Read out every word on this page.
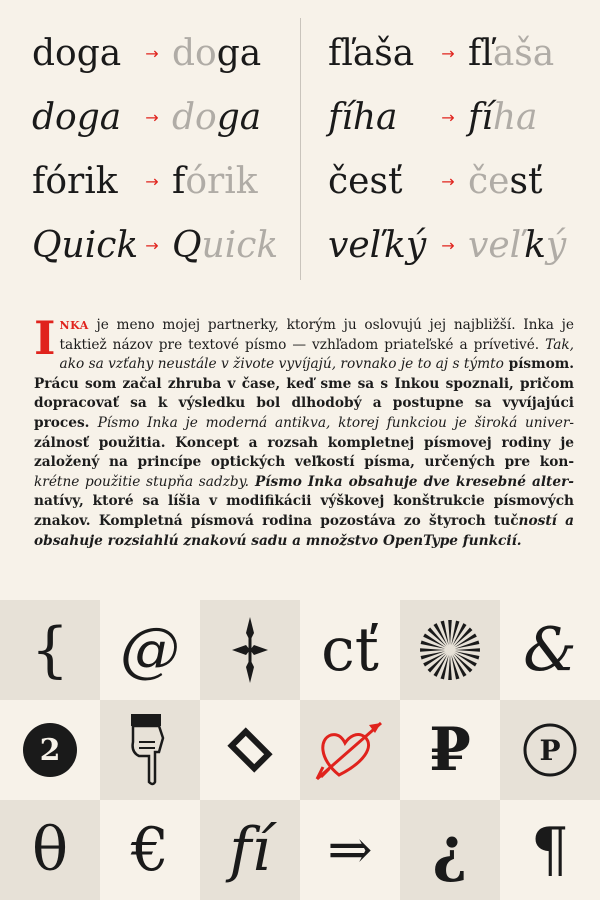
doga	→ doga
doga	→ doga
fórik	→ fórik
Quick → Quick
fľaša	→ fľaša
fíha	→ fíha
česť	→ česť
veľký → veľký
INKA je meno mojej partnerky, ktorým ju oslovujú jej najbližší. Inka je taktiež názov pre textové písmo — vzhľadom priateľské a prívetivé. Tak, ako sa vzťahy neustále v živote vyvíjajú, rovnako je to aj s týmto písmom. Prácu som začal zhruba v čase, keď sme sa s Inkou spoznali, pričom dopracovať sa k výsledku bol dlhodobý a postupne sa vyvíjajúci proces. Písmo Inka je moderná antikva, ktorej funkciou je široká univerzálnosť použitia. Koncept a rozsah kompletnej písmovej rodiny je založený na princípe optických veľkostí písma, určených pre konkrétne použitie stupňa sadzby. Písmo Inka obsahuje dve kresebné alternatívy, ktoré sa líšia v modifikácii výškovej konštrukcie písmových znakov. Kompletná písmová rodina pozostáva zo štyroch tučností a obsahuje rozsiahlú znakovú sadu a množstvo OpenType funkcií.
{ @ cť &
2	₽ P
θ € fí ⇒ ¿ ¶
